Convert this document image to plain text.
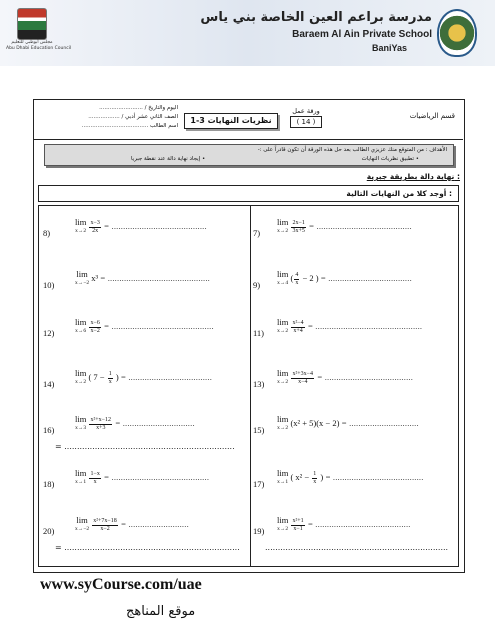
مجلس أبوظبي للتعليم
Abu Dhabi Education Council
مدرسة براعم العين الخاصة بني ياس
Baraem Al Ain Private School
BaniYas
قسم الرياضيات
ورقة عمل
( 14 )
1-3 نظريات النهايات
اليوم والتاريخ / .........................
الصف الثاني عشر أدبي / ..................
اسم الطالب ......................................
الأهداف : من المتوقع منك عزيزي الطالب بعد حل هذه الورقة أن تكون قادراً على :-
• تطبيق نظريات النهايات
• إيجاد نهاية دالة عند نقطة جبريا
نهاية دالة بطريقة جبرية :
أوجد كلا من النهايات التالية :
8)
lim
x→2
$\frac{x-3}{2x}$ = .........................................
10)
lim
x→−2
x³ = ............................................
12)
lim
x→6
$\frac{x-6}{x-2}$ = ............................................
14)
lim
x→2
( $7 - \frac{1}{x}$ ) = ....................................
16)
lim
x→3
$\frac{\text{x²+x−12}}{x+3}$ = ...............................
= ...................................................................
18)
lim
x→1
$\frac{1-x}{x}$ = ..........................................
20)
lim
x→−2
$\frac{\text{x²+7x−18}}{x-2}$ = ..........................
= .....................................................................
7)
lim
x→2
$\frac{2x-1}{3x+5}$ = .........................................
9)
lim
x→4
( $\frac{4}{x} - 2$ ) = ....................................
11)
lim
x→2
$\frac{\text{x²−4}}{x+4}$ = ..............................................
13)
lim
x→2
$\frac{\text{x²+3x−4}}{x-4}$ = ......................................
15)
lim
x→2
(x² + 5)(x − 2) = ..............................
17)
lim
x→1
( $x^2 - \frac{1}{x}$ ) = .......................................
19)
lim
x→2
$\frac{\text{x²+1}}{x-1}$ = .........................................
........................................................................
www.syCourse.com/uae
موقع المناهج
